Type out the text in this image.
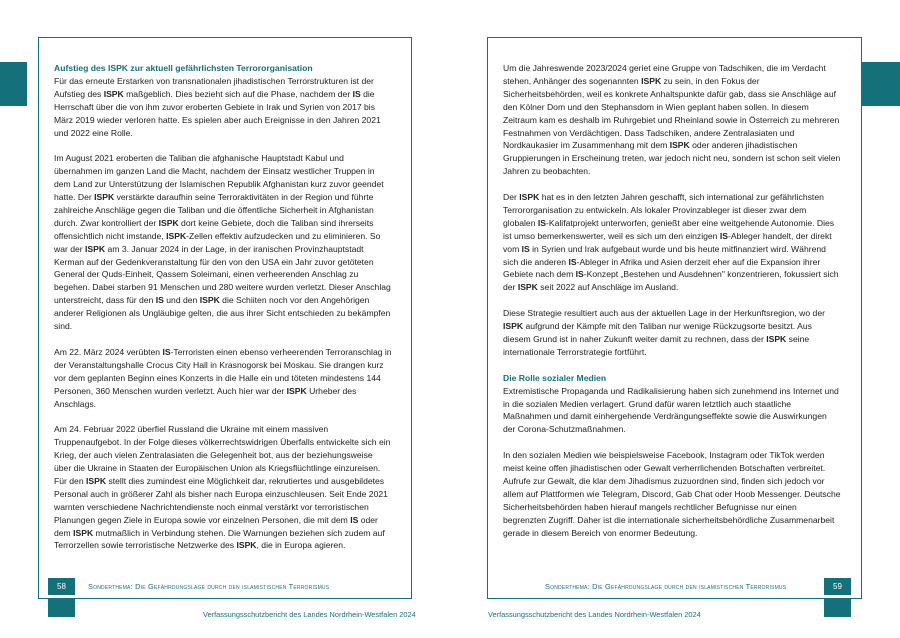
Aufstieg des ISPK zur aktuell gefährlichsten Terrororganisation

Für das erneute Erstarken von transnationalen jihadistischen Terrorstrukturen ist der Aufstieg des ISPK maßgeblich. Dies bezieht sich auf die Phase, nachdem der IS die Herrschaft über die von ihm zuvor eroberten Gebiete in Irak und Syrien von 2017 bis März 2019 wieder verloren hatte. Es spielen aber auch Ereignisse in den Jahren 2021 und 2022 eine Rolle.

Im August 2021 eroberten die Taliban die afghanische Hauptstadt Kabul und übernahmen im ganzen Land die Macht, nachdem der Einsatz westlicher Truppen in dem Land zur Unterstützung der Islamischen Republik Afghanistan kurz zuvor geendet hatte. Der ISPK verstärkte daraufhin seine Terroraktivitäten in der Region und führte zahlreiche Anschläge gegen die Taliban und die öffentliche Sicherheit in Afghanistan durch. Zwar kontrolliert der ISPK dort keine Gebiete, doch die Taliban sind ihrerseits offensichtlich nicht imstande, ISPK-Zellen effektiv aufzudecken und zu eliminieren. So war der ISPK am 3. Januar 2024 in der Lage, in der iranischen Provinzhauptstadt Kerman auf der Gedenkveranstaltung für den von den USA ein Jahr zuvor getöteten General der Quds-Einheit, Qassem Soleimani, einen verheerenden Anschlag zu begehen. Dabei starben 91 Menschen und 280 weitere wurden verletzt. Dieser Anschlag unterstreicht, dass für den IS und den ISPK die Schiiten noch vor den Angehörigen anderer Religionen als Ungläubige gelten, die aus ihrer Sicht entschieden zu bekämpfen sind.

Am 22. März 2024 verübten IS-Terroristen einen ebenso verheerenden Terroranschlag in der Veranstaltungshalle Crocus City Hall in Krasnogorsk bei Moskau. Sie drangen kurz vor dem geplanten Beginn eines Konzerts in die Halle ein und töteten mindestens 144 Personen, 360 Menschen wurden verletzt. Auch hier war der ISPK Urheber des Anschlags.

Am 24. Februar 2022 überfiel Russland die Ukraine mit einem massiven Truppenaufgebot. In der Folge dieses völkerrechtswidrigen Überfalls entwickelte sich ein Krieg, der auch vielen Zentralasiaten die Gelegenheit bot, aus der beziehungsweise über die Ukraine in Staaten der Europäischen Union als Kriegsflüchtlinge einzureisen. Für den ISPK stellt dies zumindest eine Möglichkeit dar, rekrutiertes und ausgebildetes Personal auch in größerer Zahl als bisher nach Europa einzuschleusen. Seit Ende 2021 warnten verschiedene Nachrichtendienste noch einmal verstärkt vor terroristischen Planungen gegen Ziele in Europa sowie vor einzelnen Personen, die mit dem IS oder dem ISPK mutmaßlich in Verbindung stehen. Die Warnungen beziehen sich zudem auf Terrorzellen sowie terroristische Netzwerke des ISPK, die in Europa agieren.

Um die Jahreswende 2023/2024 geriet eine Gruppe von Tadschiken, die im Verdacht stehen, Anhänger des sogenannten ISPK zu sein, in den Fokus der Sicherheitsbehörden, weil es konkrete Anhaltspunkte dafür gab, dass sie Anschläge auf den Kölner Dom und den Stephansdom in Wien geplant haben sollen. In diesem Zeitraum kam es deshalb im Ruhrgebiet und Rheinland sowie in Österreich zu mehreren Festnahmen von Verdächtigen. Dass Tadschiken, andere Zentralasiaten und Nordkaukasier im Zusammenhang mit dem ISPK oder anderen jihadistischen Gruppierungen in Erscheinung treten, war jedoch nicht neu, sondern ist schon seit vielen Jahren zu beobachten.

Der ISPK hat es in den letzten Jahren geschafft, sich international zur gefährlichsten Terrororganisation zu entwickeln. Als lokaler Provinzableger ist dieser zwar dem globalen IS-Kalifatprojekt unterworfen, genießt aber eine weitgehende Autonomie. Dies ist umso bemerkenswerter, weil es sich um den einzigen IS-Ableger handelt, der direkt vom IS in Syrien und Irak aufgebaut wurde und bis heute mitfinanziert wird. Während sich die anderen IS-Ableger in Afrika und Asien derzeit eher auf die Expansion ihrer Gebiete nach dem IS-Konzept „Bestehen und Ausdehnen" konzentrieren, fokussiert sich der ISPK seit 2022 auf Anschläge im Ausland.

Diese Strategie resultiert auch aus der aktuellen Lage in der Herkunftsregion, wo der ISPK aufgrund der Kämpfe mit den Taliban nur wenige Rückzugsorte besitzt. Aus diesem Grund ist in naher Zukunft weiter damit zu rechnen, dass der ISPK seine internationale Terrorstrategie fortführt.

Die Rolle sozialer Medien

Extremistische Propaganda und Radikalisierung haben sich zunehmend ins Internet und in die sozialen Medien verlagert. Grund dafür waren letztlich auch staatliche Maßnahmen und damit einhergehende Verdrängungseffekte sowie die Auswirkungen der Corona-Schutzmaßnahmen.

In den sozialen Medien wie beispielsweise Facebook, Instagram oder TikTok werden meist keine offen jihadistischen oder Gewalt verherrlichenden Botschaften verbreitet. Aufrufe zur Gewalt, die klar dem Jihadismus zuzuordnen sind, finden sich jedoch vor allem auf Plattformen wie Telegram, Discord, Gab Chat oder Hoob Messenger. Deutsche Sicherheitsbehörden haben hierauf mangels rechtlicher Befugnisse nur einen begrenzten Zugriff. Daher ist die internationale sicherheitsbehördliche Zusammenarbeit gerade in diesem Bereich von enormer Bedeutung.

58	Sonderthema: Die Gefährdungslage durch den islamistischen Terrorismus
Verfassungsschutzbericht des Landes Nordrhein-Westfalen 2024
59
Sonderthema: Die Gefährdungslage durch den islamistischen Terrorismus
Verfassungsschutzbericht des Landes Nordrhein-Westfalen 2024
